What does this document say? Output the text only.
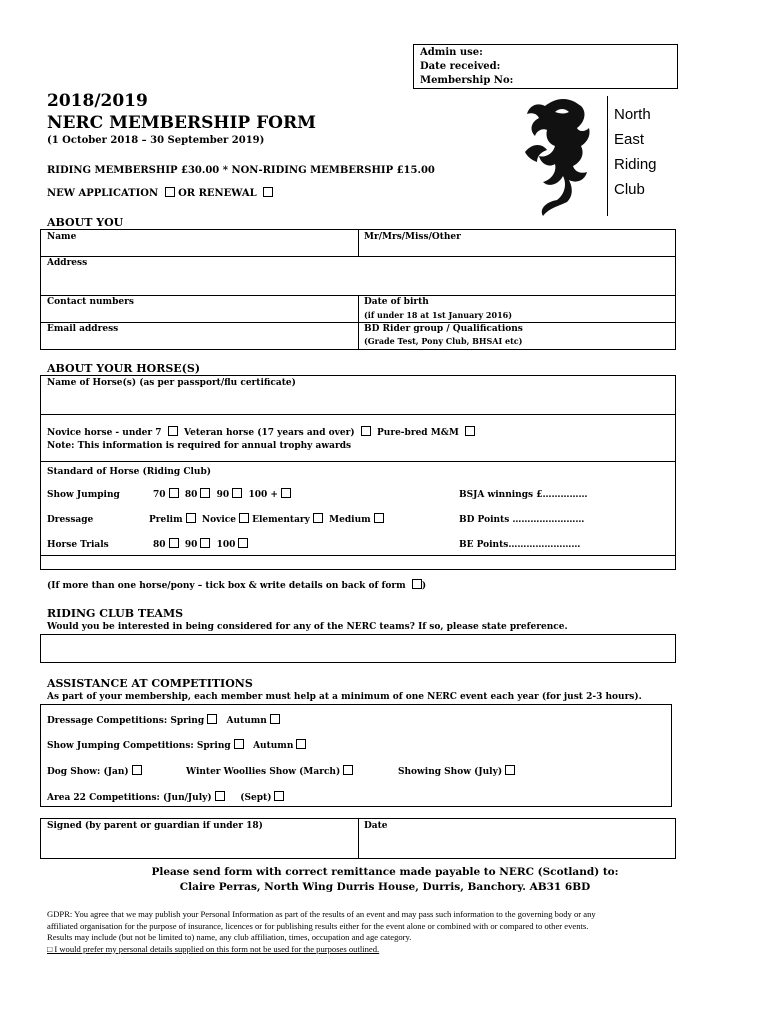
Admin use:
Date received:
Membership No:
2018/2019
NERC MEMBERSHIP FORM
(1 October 2018 – 30 September 2019)
RIDING MEMBERSHIP £30.00 * NON-RIDING MEMBERSHIP £15.00
NEW APPLICATION OR RENEWAL
North
East
Riding
Club
ABOUT YOU
Name	Mr/Mrs/Miss/Other
Address
Contact numbers	Date of birth
(if under 18 at 1st January 2016)
Email address	BD Rider group / Qualifications
(Grade Test, Pony Club, BHSAI etc)
ABOUT YOUR HORSE(S)
Name of Horse(s) (as per passport/flu certificate)
Novice horse - under 7 Veteran horse (17 years and over) Pure-bred M&M
Note: This information is required for annual trophy awards
Standard of Horse (Riding Club)
Show Jumping	70 80 90 100 +	BSJA winnings £……………
Dressage	Prelim Novice Elementary Medium	BD Points ……………………
Horse Trials	80 90 100	BE Points……………………
(If more than one horse/pony – tick box & write details on back of form )
RIDING CLUB TEAMS
Would you be interested in being considered for any of the NERC teams? If so, please state preference.
ASSISTANCE AT COMPETITIONS
As part of your membership, each member must help at a minimum of one NERC event each year (for just 2-3 hours).
Dressage Competitions: Spring Autumn
Show Jumping Competitions: Spring Autumn
Dog Show: (Jan)	Winter Woollies Show (March)	Showing Show (July)
Area 22 Competitions: (Jun/July)	(Sept)
Signed (by parent or guardian if under 18)	Date
Please send form with correct remittance made payable to NERC (Scotland) to:
Claire Perras, North Wing Durris House, Durris, Banchory. AB31 6BD
GDPR: You agree that we may publish your Personal Information as part of the results of an event and may pass such information to the governing body or any
affiliated organisation for the purpose of insurance, licences or for publishing results either for the event alone or combined with or compared to other events.
Results may include (but not be limited to) name, any club affiliation, times, occupation and age category.
□ I would prefer my personal details supplied on this form not be used for the purposes outlined.
